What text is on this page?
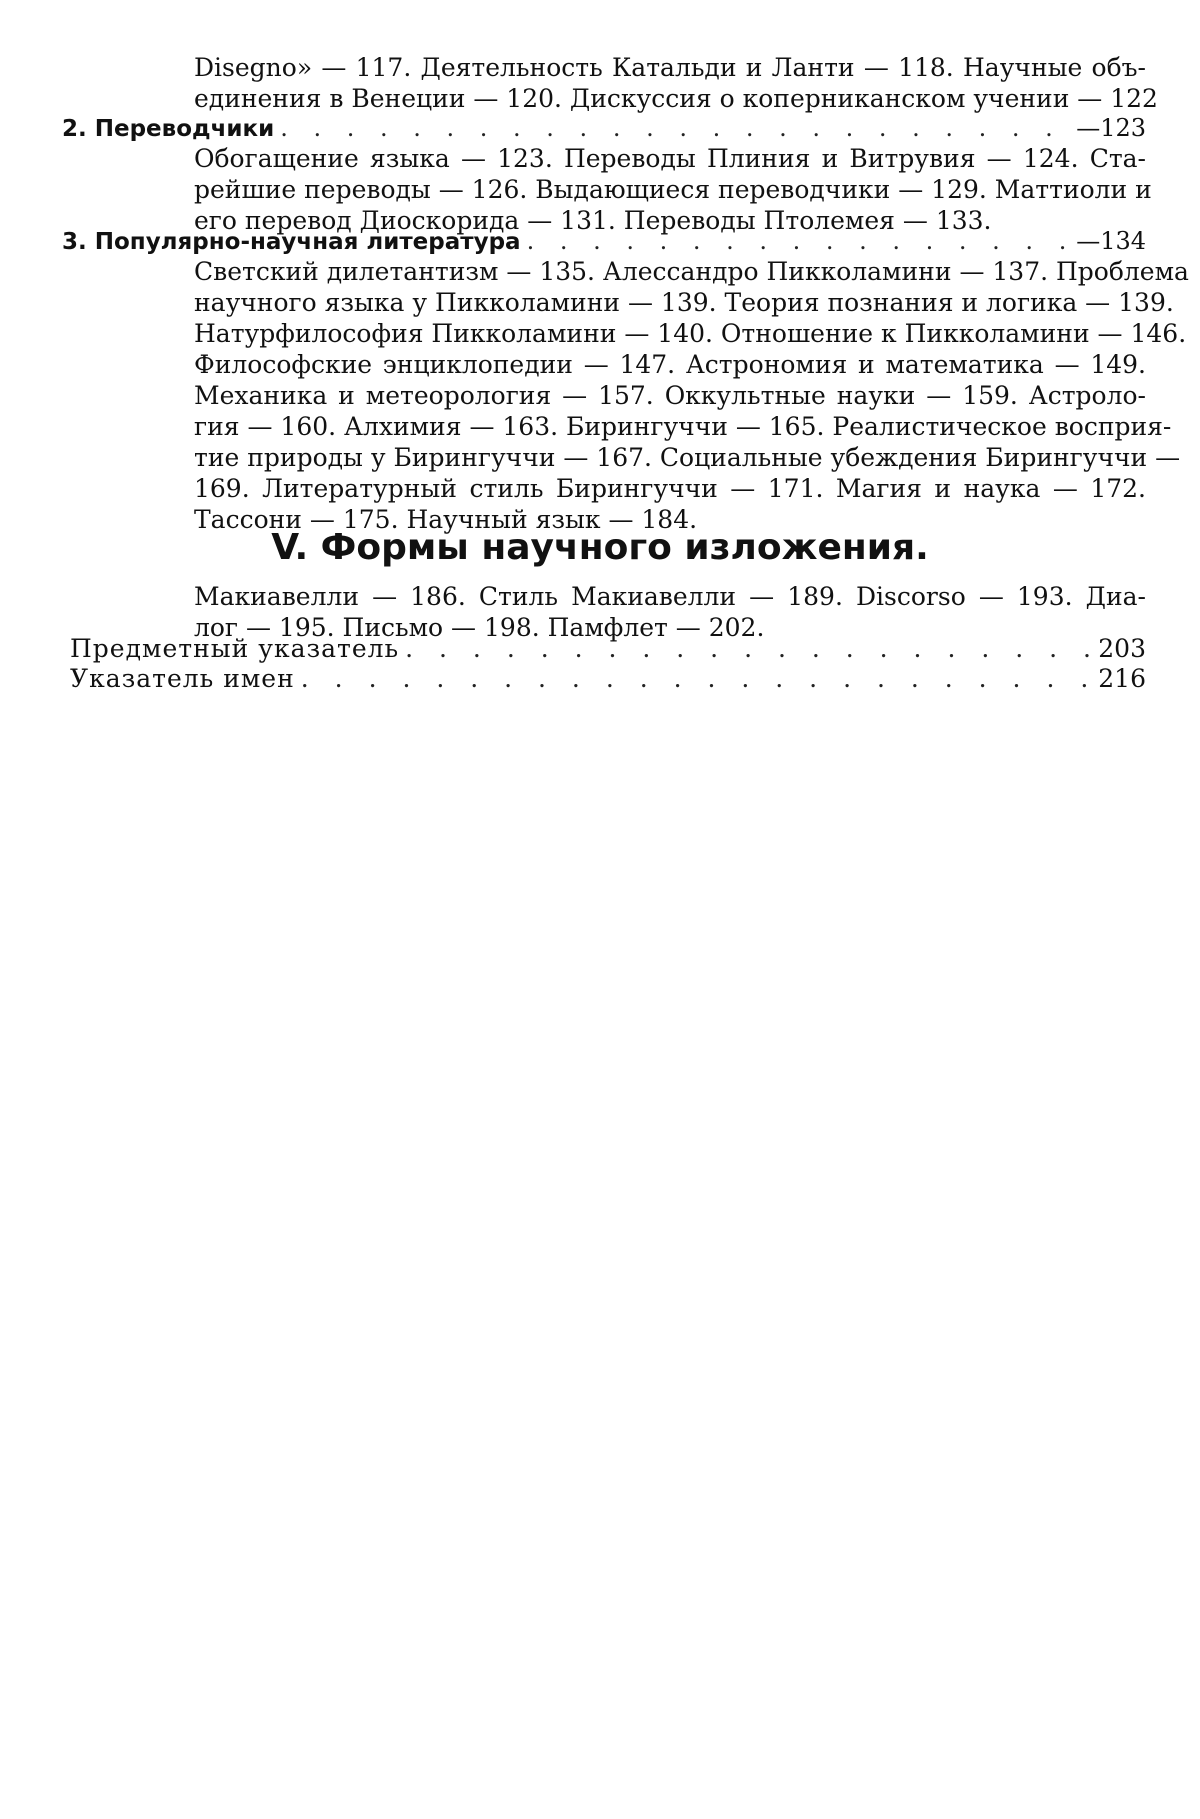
Disegno» — 117. Деятельность Катальди и Ланти — 118. Научные объ-
единения в Венеции — 120. Дискуссия о коперниканском учении — 122
2. Переводчики . . .	—123
Обогащение языка — 123. Переводы Плиния и Витрувия — 124. Ста-
рейшие переводы — 126. Выдающиеся переводчики — 129. Маттиоли и
его перевод Диоскорида — 131. Переводы Птолемея — 133.
3. Популярно-научная литература . . .	—134
Светский дилетантизм — 135. Алессандро Пикколамини — 137. Проблема
научного языка у Пикколамини — 139. Теория познания и логика — 139.
Натурфилософия Пикколамини — 140. Отношение к Пикколамини — 146.
Философские энциклопедии — 147. Астрономия и математика — 149.
Механика и метеорология — 157. Оккультные науки — 159. Астроло-
гия — 160. Алхимия — 163. Бирингуччи — 165. Реалистическое восприя-
тие природы у Бирингуччи — 167. Социальные убеждения Бирингуччи —
169. Литературный стиль Бирингуччи — 171. Магия и наука — 172.
Тассони — 175. Научный язык — 184.
V. Формы научного изложения.
Макиавелли — 186. Стиль Макиавелли — 189. Discorso — 193. Диа-
лог — 195. Письмо — 198. Памфлет — 202.
Предметный указатель . . .	203
Указатель имен . . .	216
